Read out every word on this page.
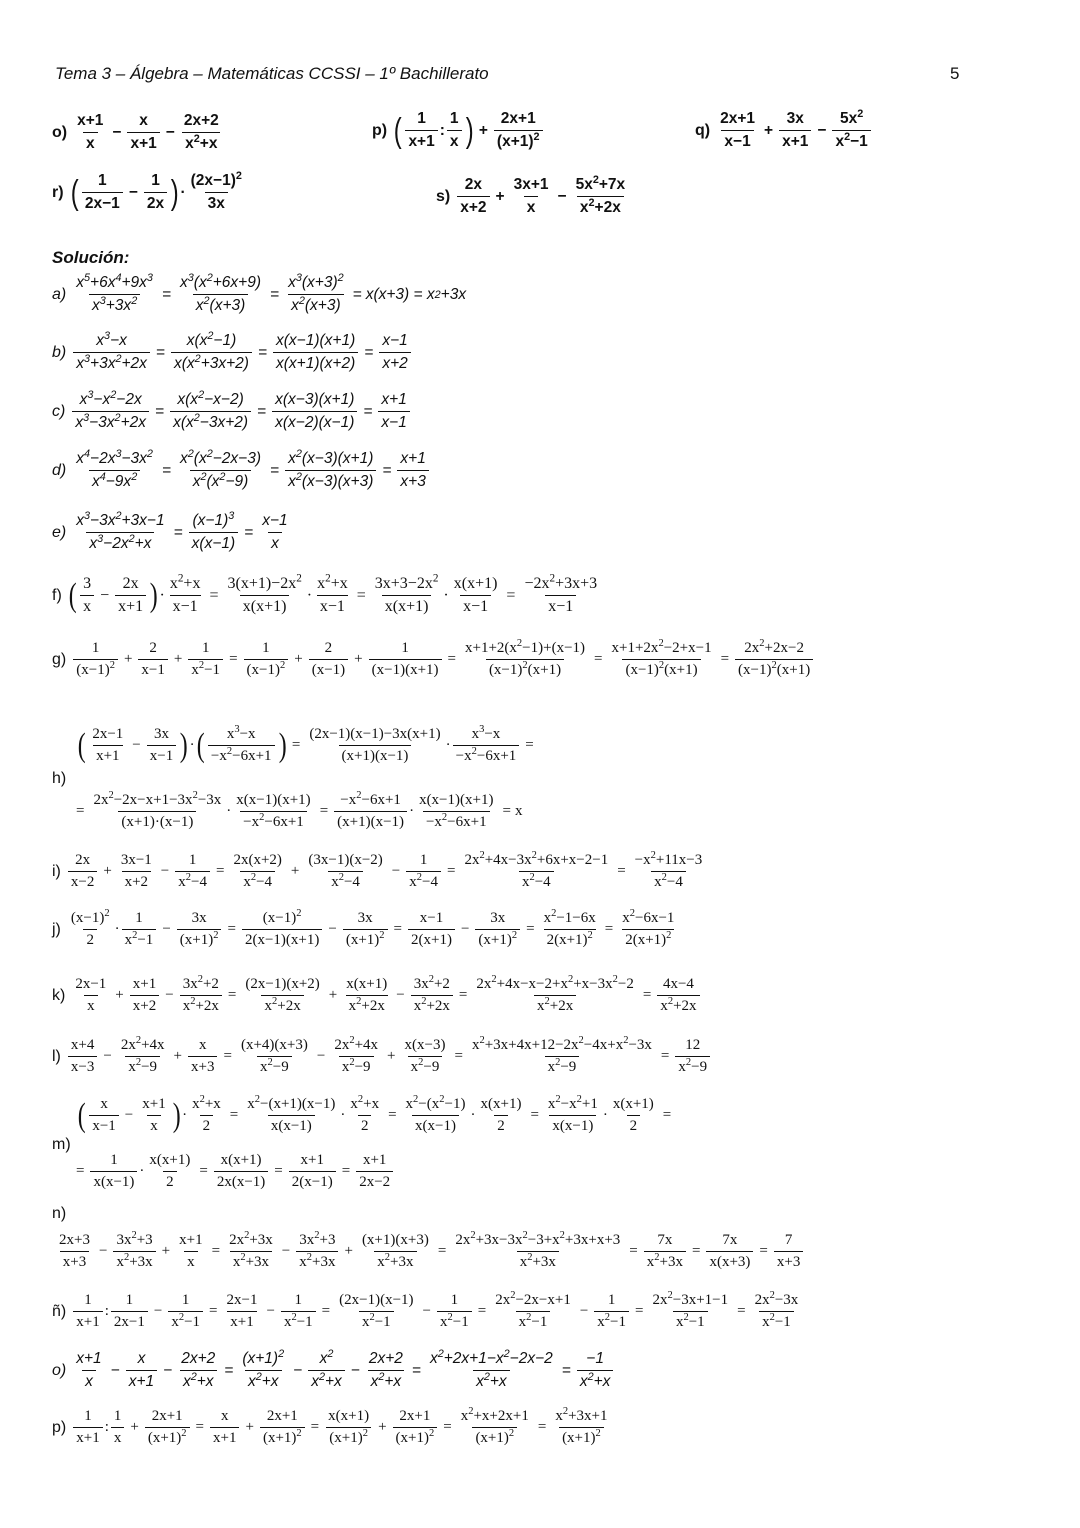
Tema 3 – Álgebra – Matemáticas CCSSI – 1º Bachillerato	5
o)
x+1
x
− $\frac{x}{x+1} - \frac{2x+2}{x^2+x}$	p) ( 1
x+1
:
1
x ) + $\frac{2x+1}{(x+1)^2}$	q)
2x+1
x−1
+ $\frac{3x}{x+1} - \frac{5x^2}{x^2-1}$
r) ( 1
2x−1
− $\frac{1}{2x}$ ) ·
$(2x-1)^2$
3x	s)
2x
x+2
+ $\frac{3x+1}{x} - \frac{5x^2+7x}{x^2+2x}$
Solución:
$a) \frac{x^5+6x^4+9x^3}{x^3+3x^2} = \frac{x^3(x^2+6x+9)}{x^2(x+3)} = \frac{x^3(x+3)^2}{x^2(x+3)} = x(x+3) = x$ 2 +3x
$b) \frac{x^3-x}{x^3+3x^2+2x} = \frac{x(x^2-1)}{x(x^2+3x+2)} = \frac{x(x-1)(x+1)}{x(x+1)(x+2)} = \frac{x-1}{x+2}$
$c) \frac{x^3-x^2-2x}{x^3-3x^2+2x} = \frac{x(x^2-x-2)}{x(x^2-3x+2)} = \frac{x(x-3)(x+1)}{x(x-2)(x-1)} = \frac{x+1}{x-1}$
$d) \frac{x^4-2x^3-3x^2}{x^4-9x^2} = \frac{x^2(x^2-2x-3)}{x^2(x^2-9)} = \frac{x^2(x-3)(x+1)}{x^2(x-3)(x+3)} = \frac{x+1}{x+3}$
$e) \frac{x^3-3x^2+3x-1}{x^3-2x^2+x} = \frac{(x-1)^3}{x(x-1)} = \frac{x-1}{x}$
f) ( 3
x
− $\frac{2x}{x+1}$ ) · $\frac{x^2+x}{x-1} = \frac{3(x+1)-2x^2}{x(x+1)} \cdot \frac{x^2+x}{x-1} = \frac{3x+3-2x^2}{x(x+1)} \cdot \frac{x(x+1)}{x-1} = \frac{-2x^2+3x+3}{x-1}$
g)
1
$(x-1)^2 + \frac{2}{x-1} + \frac{1}{x^2-1} = \frac{1}{(x-1)^2} + \frac{2}{(x-1)} + \frac{1}{(x-1)(x+1)} = \frac{x+1+2(x^2-1)+(x-1)}{(x-1)^2(x+1)} = \frac{x+1+2x^2-2+x-1}{(x-1)^2(x+1)} = \frac{2x^2+2x-2}{(x-1)^2(x+1)}$
( 2x−1
x+1
− $\frac{3x}{x-1}$ ) · ( $x^3-x$
$-x^2-6x+1$ ) = $\frac{(2x-1)(x-1)-3x(x+1)}{(x+1)(x-1)} \cdot \frac{x^3-x}{-x^2-6x+1}$ =
h)
= $\frac{2x^2-2x-x+1-3x^2-3x}{(x+1)\cdot(x-1)} \cdot \frac{x(x-1)(x+1)}{-x^2-6x+1} = \frac{-x^2-6x+1}{(x+1)(x-1)} \cdot \frac{x(x-1)(x+1)}{-x^2-6x+1} = x$
i)
2x
x−2
+ $\frac{3x-1}{x+2} - \frac{1}{x^2-4} = \frac{2x(x+2)}{x^2-4} + \frac{(3x-1)(x-2)}{x^2-4} - \frac{1}{x^2-4} = \frac{2x^2+4x-3x^2+6x+x-2-1}{x^2-4} = \frac{-x^2+11x-3}{x^2-4}$
j)
$(x-1)^2$
2
·
1
$x^2-1$
− $\frac{3x}{(x+1)^2} = \frac{(x-1)^2}{2(x-1)(x+1)} - \frac{3x}{(x+1)^2} = \frac{x-1}{2(x+1)} - \frac{3x}{(x+1)^2} = \frac{x^2-1-6x}{2(x+1)^2} = \frac{x^2-6x-1}{2(x+1)^2}$
k)
2x−1
x
+ $\frac{x+1}{x+2} - \frac{3x^2+2}{x^2+2x} = \frac{(2x-1)(x+2)}{x^2+2x} + \frac{x(x+1)}{x^2+2x} - \frac{3x^2+2}{x^2+2x} = \frac{2x^2+4x-x-2+x^2+x-3x^2-2}{x^2+2x} = \frac{4x-4}{x^2+2x}$
l)
x+4
x−3
− $\frac{2x^2+4x}{x^2-9} + \frac{x}{x+3} = \frac{(x+4)(x+3)}{x^2-9} - \frac{2x^2+4x}{x^2-9} + \frac{x(x-3)}{x^2-9} = \frac{x^2+3x+4x+12-2x^2-4x+x^2-3x}{x^2-9} = \frac{12}{x^2-9}$
( x
x−1
− $\frac{x+1}{x}$ ) · $\frac{x^2+x}{2} = \frac{x^2-(x+1)(x-1)}{x(x-1)} \cdot \frac{x^2+x}{2} = \frac{x^2-(x^2-1)}{x(x-1)} \cdot \frac{x(x+1)}{2} = \frac{x^2-x^2+1}{x(x-1)} \cdot \frac{x(x+1)}{2}$ =
m)
= $\frac{1}{x(x-1)} \cdot \frac{x(x+1)}{2} = \frac{x(x+1)}{2x(x-1)} = \frac{x+1}{2(x-1)} = \frac{x+1}{2x-2}$
n)
2x+3
x+3
− $\frac{3x^2+3}{x^2+3x} + \frac{x+1}{x} = \frac{2x^2+3x}{x^2+3x} - \frac{3x^2+3}{x^2+3x} + \frac{(x+1)(x+3)}{x^2+3x} = \frac{2x^2+3x-3x^2-3+x^2+3x+x+3}{x^2+3x} = \frac{7x}{x^2+3x} = \frac{7x}{x(x+3)} = \frac{7}{x+3}$
ñ)
1
x+1
:
1
2x−1
− $\frac{1}{x^2-1} = \frac{2x-1}{x+1} - \frac{1}{x^2-1} = \frac{(2x-1)(x-1)}{x^2-1} - \frac{1}{x^2-1} = \frac{2x^2-2x-x+1}{x^2-1} - \frac{1}{x^2-1} = \frac{2x^2-3x+1-1}{x^2-1} = \frac{2x^2-3x}{x^2-1}$
o)
x+1
x
− $\frac{x}{x+1} - \frac{2x+2}{x^2+x} = \frac{(x+1)^2}{x^2+x} - \frac{x^2}{x^2+x} - \frac{2x+2}{x^2+x} = \frac{x^2+2x+1-x^2-2x-2}{x^2+x} = \frac{-1}{x^2+x}$
p)
1
x+1
:
1
x
+ $\frac{2x+1}{(x+1)^2} = \frac{x}{x+1} + \frac{2x+1}{(x+1)^2} = \frac{x(x+1)}{(x+1)^2} + \frac{2x+1}{(x+1)^2} = \frac{x^2+x+2x+1}{(x+1)^2} = \frac{x^2+3x+1}{(x+1)^2}$
